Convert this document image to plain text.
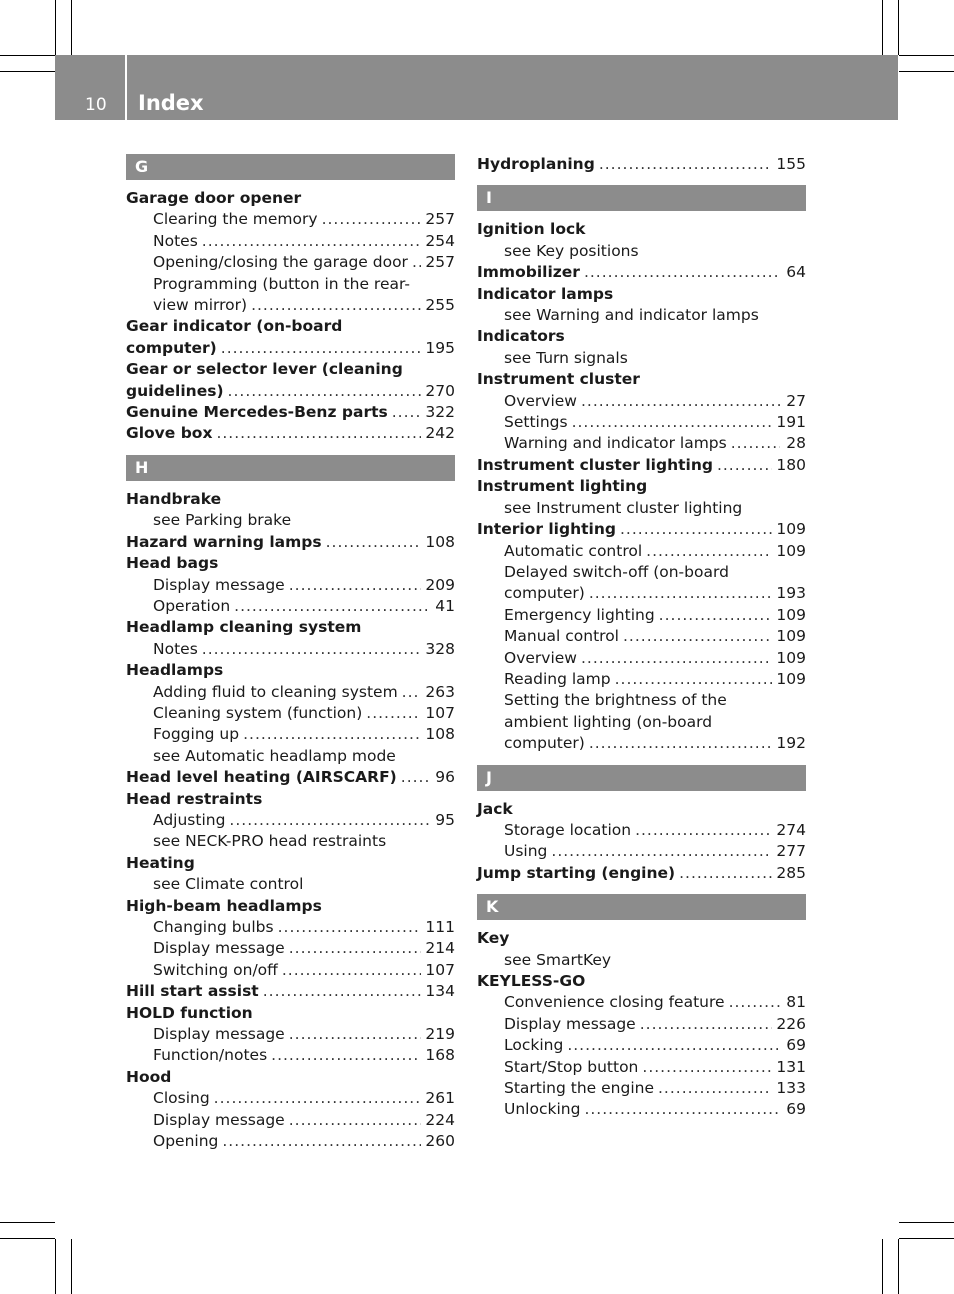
10 Index
G
Garage door opener
Clearing the memory .....	257
Notes .....	254
Opening/closing the garage door ..... 257
Programming (button in the rear-
view mirror) .....	255
Gear indicator (on-board
computer) .....	195
Gear or selector lever (cleaning
guidelines) .....	270
Genuine Mercedes-Benz parts ..... 322
Glove box .....	242
H
Handbrake
see Parking brake
Hazard warning lamps .....	108
Head bags
Display message .....	209
Operation .....	41
Headlamp cleaning system
Notes .....	328
Headlamps
Adding fluid to cleaning system ..... 263
Cleaning system (function) .....	107
Fogging up .....	108
see Automatic headlamp mode
Head level heating (AIRSCARF) ..... 96
Head restraints
Adjusting .....	95
see NECK-PRO head restraints
Heating
see Climate control
High-beam headlamps
Changing bulbs .....	111
Display message .....	214
Switching on/off .....	107
Hill start assist .....	134
HOLD function
Display message .....	219
Function/notes .....	168
Hood
Closing .....	261
Display message .....	224
Opening .....	260
Hydroplaning .....	155
I
Ignition lock
see Key positions
Immobilizer .....	64
Indicator lamps
see Warning and indicator lamps
Indicators
see Turn signals
Instrument cluster
Overview .....	27
Settings .....	191
Warning and indicator lamps .....	28
Instrument cluster lighting .....	180
Instrument lighting
see Instrument cluster lighting
Interior lighting .....	109
Automatic control .....	109
Delayed switch-off (on-board
computer) .....	193
Emergency lighting .....	109
Manual control .....	109
Overview .....	109
Reading lamp .....	109
Setting the brightness of the
ambient lighting (on-board
computer) .....	192
J
Jack
Storage location .....	274
Using .....	277
Jump starting (engine) .....	285
K
Key
see SmartKey
KEYLESS-GO
Convenience closing feature .....	81
Display message .....	226
Locking .....	69
Start/Stop button .....	131
Starting the engine .....	133
Unlocking .....	69
